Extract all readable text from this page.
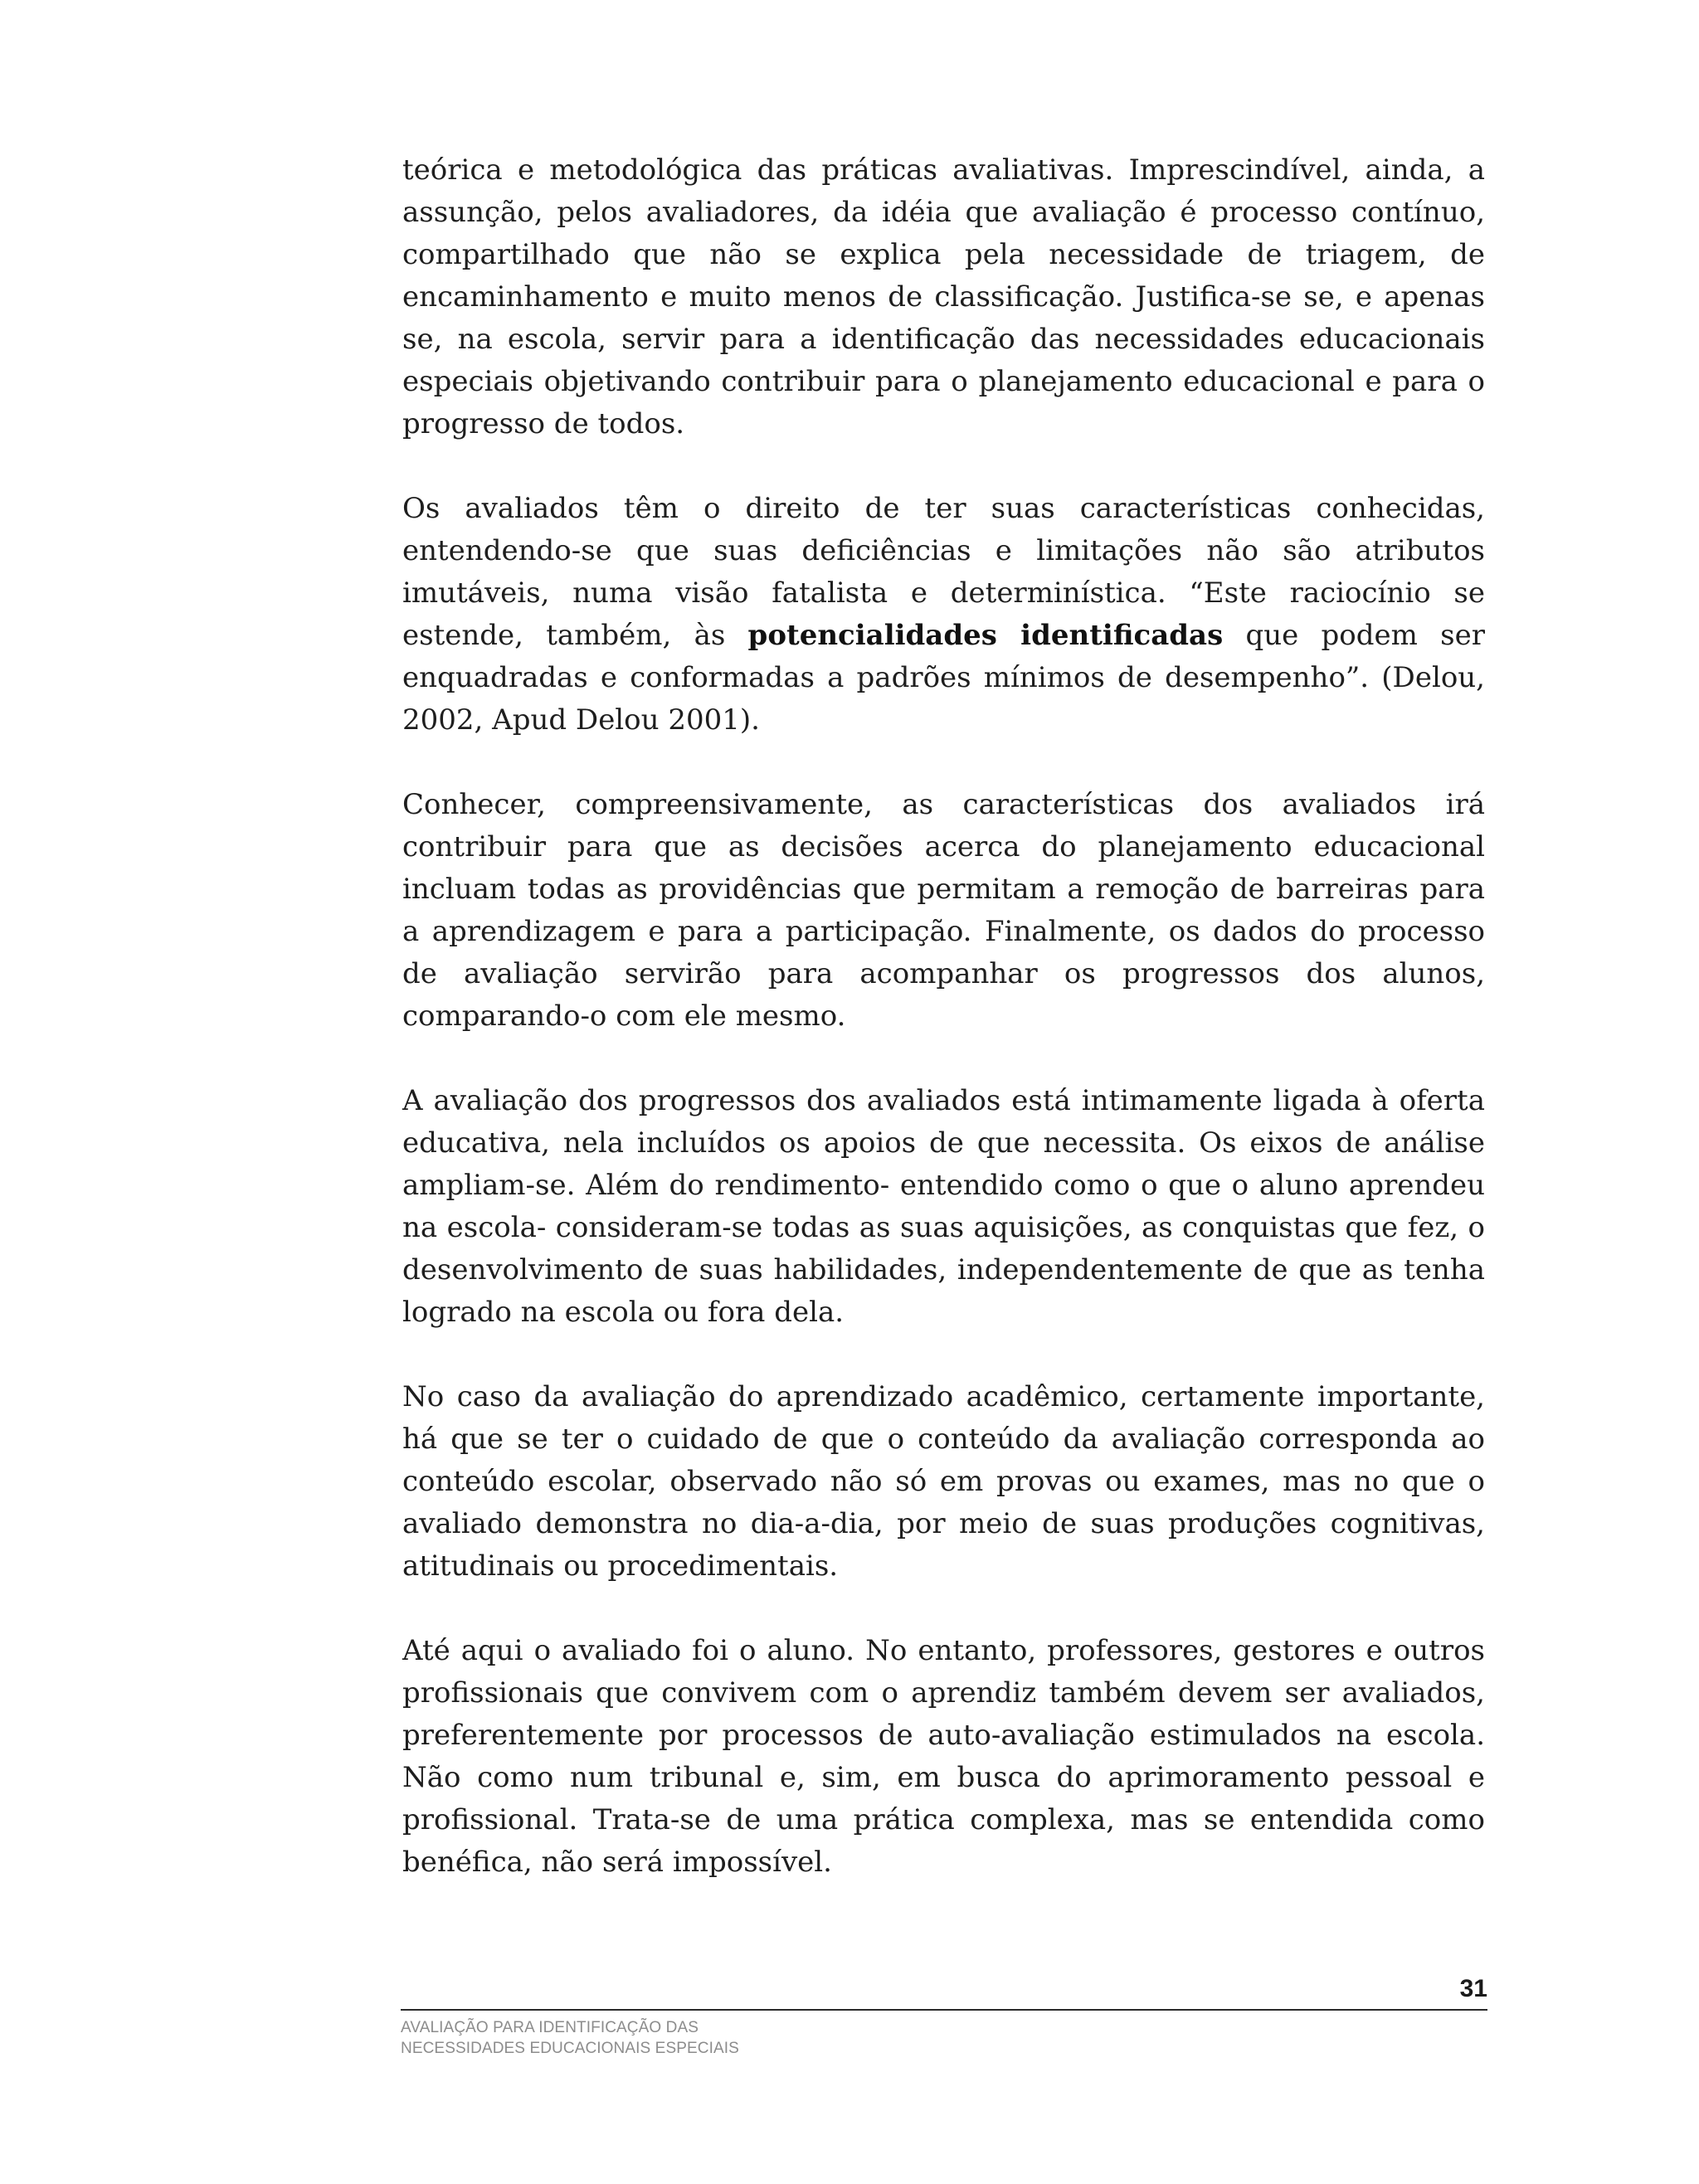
teórica e metodológica das práticas avaliativas. Imprescindível, ainda, a assunção, pelos avaliadores, da idéia que avaliação é processo contínuo, compartilhado que não se explica pela necessidade de triagem, de encaminhamento e muito menos de classificação. Justifica-se se, e apenas se, na escola, servir para a identificação das necessidades educacionais especiais objetivando contribuir para o planejamento educacional e para o progresso de todos.

Os avaliados têm o direito de ter suas características conhecidas, entendendo-se que suas deficiências e limitações não são atributos imutáveis, numa visão fatalista e determinística. “Este raciocínio se estende, também, às potencialidades identificadas que podem ser enquadradas e conformadas a padrões mínimos de desempenho”. (Delou, 2002, Apud Delou 2001).

Conhecer, compreensivamente, as características dos avaliados irá contribuir para que as decisões acerca do planejamento educacional incluam todas as providências que permitam a remoção de barreiras para a aprendizagem e para a participação. Finalmente, os dados do processo de avaliação servirão para acompanhar os progressos dos alunos, comparando-o com ele mesmo.

A avaliação dos progressos dos avaliados está intimamente ligada à oferta educativa, nela incluídos os apoios de que necessita. Os eixos de análise ampliam-se. Além do rendimento- entendido como o que o aluno aprendeu na escola- consideram-se todas as suas aquisições, as conquistas que fez, o desenvolvimento de suas habilidades, independentemente de que as tenha logrado na escola ou fora dela.

No caso da avaliação do aprendizado acadêmico, certamente importante, há que se ter o cuidado de que o conteúdo da avaliação corresponda ao conteúdo escolar, observado não só em provas ou exames, mas no que o avaliado demonstra no dia-a-dia, por meio de suas produções cognitivas, atitudinais ou procedimentais.

Até aqui o avaliado foi o aluno. No entanto, professores, gestores e outros profissionais que convivem com o aprendiz também devem ser avaliados, preferentemente por processos de auto-avaliação estimulados na escola. Não como num tribunal e, sim, em busca do aprimoramento pessoal e profissional. Trata-se de uma prática complexa, mas se entendida como benéfica, não será impossível.

31
AVALIAÇÃO PARA IDENTIFICAÇÃO DAS
NECESSIDADES EDUCACIONAIS ESPECIAIS
